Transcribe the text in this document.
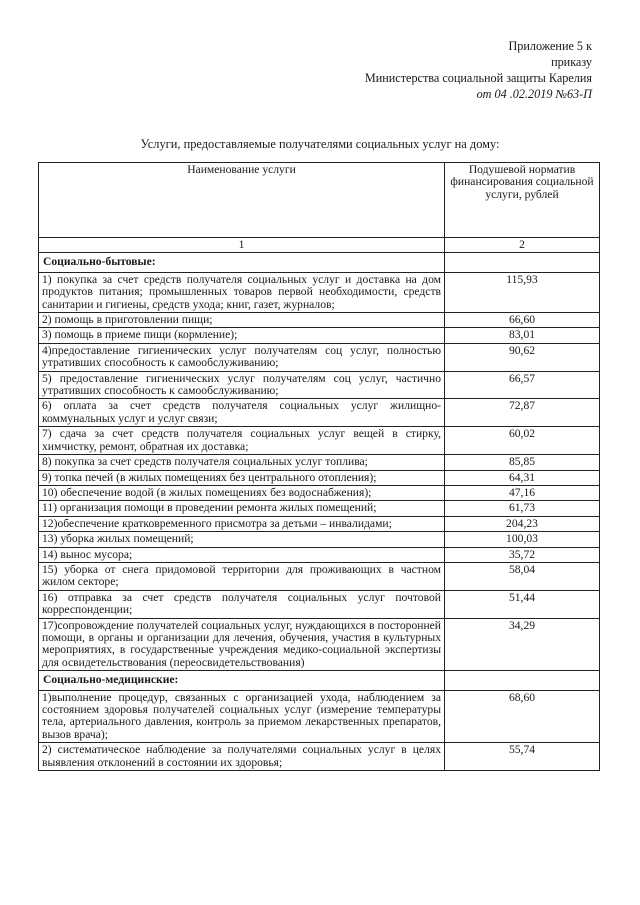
Приложение 5 к
приказу
Министерства социальной защиты Карелия
от 04 .02.2019 №63-П
Услуги, предоставляемые получателями социальных услуг на дому:
Наименование услуги	Подушевой норматив финансирования социальной услуги, рублей
1	2
Социально-бытовые:	
1) покупка за счет средств получателя социальных услуг и доставка на дом продуктов питания; промышленных товаров первой необходимости, средств санитарии и гигиены, средств ухода; книг, газет, журналов;	115,93
2) помощь в приготовлении пищи;	66,60
3) помощь в приеме пищи (кормление);	83,01
4)предоставление гигиенических услуг получателям соц услуг, полностью утративших способность к самообслуживанию;	90,62
5) предоставление гигиенических услуг получателям соц услуг, частично утративших способность к самообслуживанию;	66,57
6) оплата за счет средств получателя социальных услуг жилищно-коммунальных услуг и услуг связи;	72,87
7) сдача за счет средств получателя социальных услуг вещей в стирку, химчистку, ремонт, обратная их доставка;	60,02
8) покупка за счет средств получателя социальных услуг топлива;	85,85
9) топка печей (в жилых помещениях без центрального отопления);	64,31
10) обеспечение водой (в жилых помещениях без водоснабжения);	47,16
11) организация помощи в проведении ремонта жилых помещений;	61,73
12)обеспечение кратковременного присмотра за детьми – инвалидами;	204,23
13) уборка жилых помещений;	100,03
14) вынос мусора;	35,72
15) уборка от снега придомовой территории для проживающих в частном жилом секторе;	58,04
16) отправка за счет средств получателя социальных услуг почтовой корреспонденции;	51,44
17)сопровождение получателей социальных услуг, нуждающихся в посторонней помощи, в органы и организации для лечения, обучения, участия в культурных мероприятиях, в государственные учреждения медико-социальной экспертизы для освидетельствования (переосвидетельствования)	34,29
Социально-медицинские:	
1)выполнение процедур, связанных с организацией ухода, наблюдением за состоянием здоровья получателей социальных услуг (измерение температуры тела, артериального давления, контроль за приемом лекарственных препаратов, вызов врача);	68,60
2) систематическое наблюдение за получателями социальных услуг в целях выявления отклонений в состоянии их здоровья;	55,74
